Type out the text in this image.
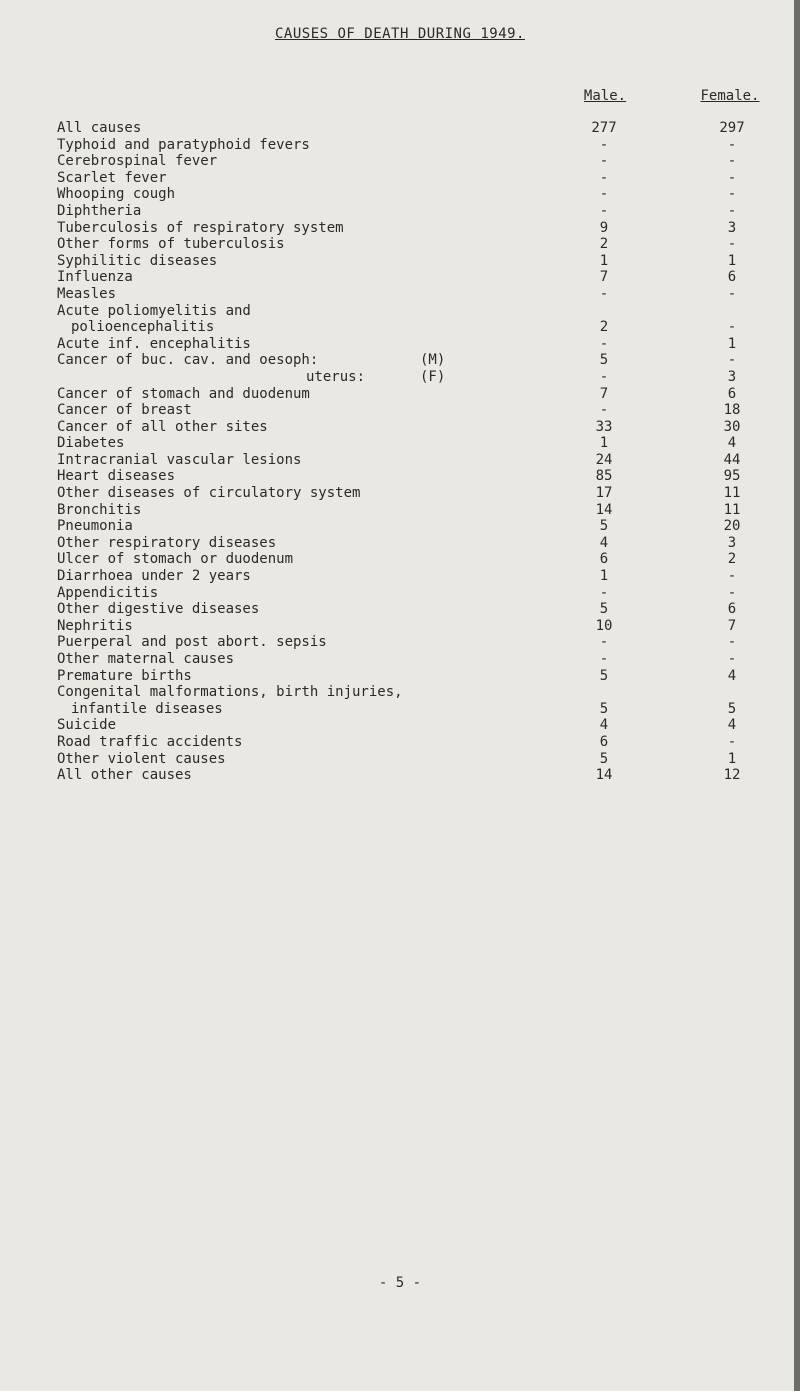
CAUSES OF DEATH DURING 1949.
Male.	Female.
All causes	277	297
Typhoid and paratyphoid fevers	-	-
Cerebrospinal fever	-	-
Scarlet fever	-	-
Whooping cough	-	-
Diphtheria	-	-
Tuberculosis of respiratory system	9	3
Other forms of tuberculosis	2	-
Syphilitic diseases	1	1
Influenza	7	6
Measles	-	-
Acute poliomyelitis and
polioencephalitis	2	-
Acute inf. encephalitis	-	1
Cancer of buc. cav. and oesoph:	(M)	5	-
uterus:	(F)	-	3
Cancer of stomach and duodenum	7	6
Cancer of breast	-	18
Cancer of all other sites	33	30
Diabetes	1	4
Intracranial vascular lesions	24	44
Heart diseases	85	95
Other diseases of circulatory system	17	11
Bronchitis	14	11
Pneumonia	5	20
Other respiratory diseases	4	3
Ulcer of stomach or duodenum	6	2
Diarrhoea under 2 years	1	-
Appendicitis	-	-
Other digestive diseases	5	6
Nephritis	10	7
Puerperal and post abort. sepsis	-	-
Other maternal causes	-	-
Premature births	5	4
Congenital malformations, birth injuries,
infantile diseases	5	5
Suicide	4	4
Road traffic accidents	6	-
Other violent causes	5	1
All other causes	14	12
- 5 -
